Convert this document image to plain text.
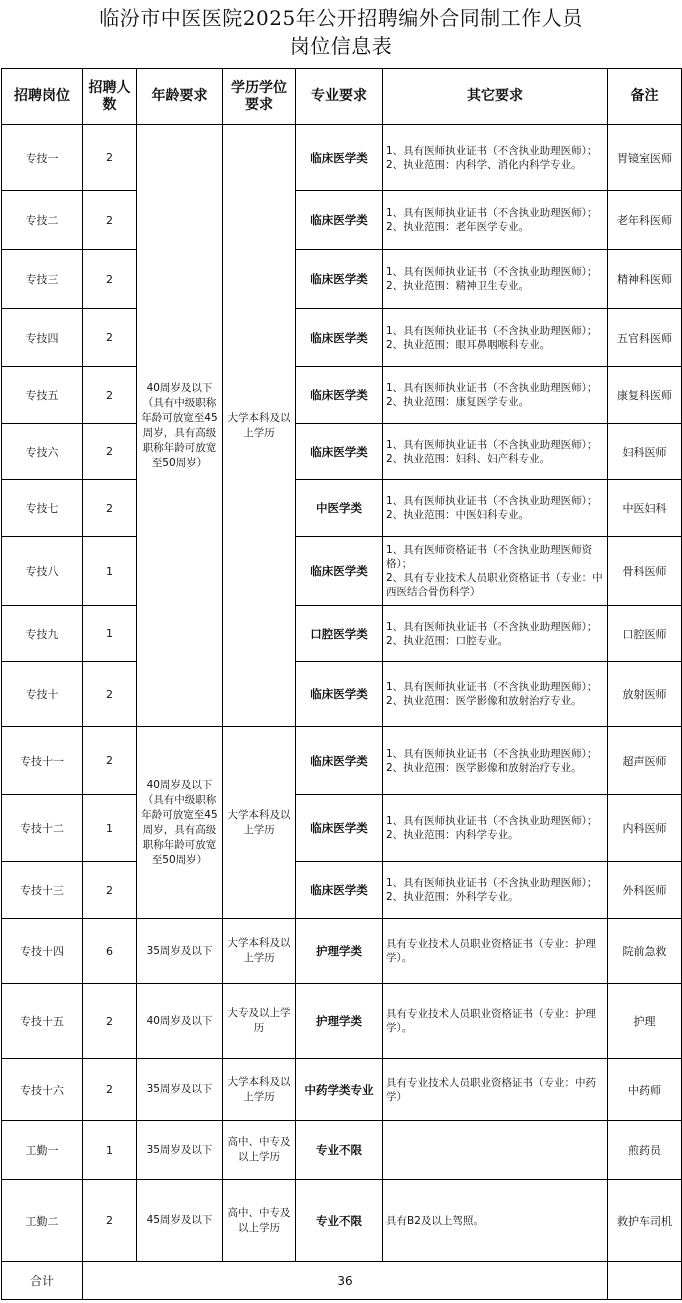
临汾市中医医院2025年公开招聘编外合同制工作人员
岗位信息表
招聘岗位	招聘人数	年龄要求	学历学位要求	专业要求	其它要求	备注
专技一	2	40周岁及以下（具有中级职称年龄可放宽至45周岁，具有高级职称年龄可放宽至50周岁）	大学本科及以上学历	临床医学类	1、具有医师执业证书（不含执业助理医师）；
2、执业范围：内科学、消化内科学专业。	胃镜室医师
专技二	2			临床医学类	1、具有医师执业证书（不含执业助理医师）；
2、执业范围：老年医学专业。	老年科医师
专技三	2			临床医学类	1、具有医师执业证书（不含执业助理医师）；
2、执业范围：精神卫生专业。	精神科医师
专技四	2			临床医学类	1、具有医师执业证书（不含执业助理医师）；
2、执业范围：眼耳鼻咽喉科专业。	五官科医师
专技五	2			临床医学类	1、具有医师执业证书（不含执业助理医师）；
2、执业范围：康复医学专业。	康复科医师
专技六	2			临床医学类	1、具有医师执业证书（不含执业助理医师）；
2、执业范围：妇科、妇产科专业。	妇科医师
专技七	2			中医学类	1、具有医师执业证书（不含执业助理医师）；
2、执业范围：中医妇科专业。	中医妇科
专技八	1			临床医学类	1、具有医师资格证书（不含执业助理医师资格）；
2、具有专业技术人员职业资格证书（专业：中西医结合骨伤科学）	骨科医师
专技九	1			口腔医学类	1、具有医师执业证书（不含执业助理医师）；
2、执业范围：口腔专业。	口腔医师
专技十	2			临床医学类	1、具有医师执业证书（不含执业助理医师）；
2、执业范围：医学影像和放射治疗专业。	放射医师
专技十一	2	40周岁及以下（具有中级职称年龄可放宽至45周岁，具有高级职称年龄可放宽至50周岁）	大学本科及以上学历	临床医学类	1、具有医师执业证书（不含执业助理医师）；
2、执业范围：医学影像和放射治疗专业。	超声医师
专技十二	1			临床医学类	1、具有医师执业证书（不含执业助理医师）；
2、执业范围：内科学专业。	内科医师
专技十三	2			临床医学类	1、具有医师执业证书（不含执业助理医师）；
2、执业范围：外科学专业。	外科医师
专技十四	6	35周岁及以下	大学本科及以上学历	护理学类	具有专业技术人员职业资格证书（专业：护理学）。	院前急救
专技十五	2	40周岁及以下	大专及以上学历	护理学类	具有专业技术人员职业资格证书（专业：护理学）。	护理
专技十六	2	35周岁及以下	大学本科及以上学历	中药学类专业	具有专业技术人员职业资格证书（专业：中药学）	中药师
工勤一	1	35周岁及以下	高中、中专及以上学历	专业不限		煎药员
工勤二	2	45周岁及以下	高中、中专及以上学历	专业不限	具有B2及以上驾照。	救护车司机
合计	36					
